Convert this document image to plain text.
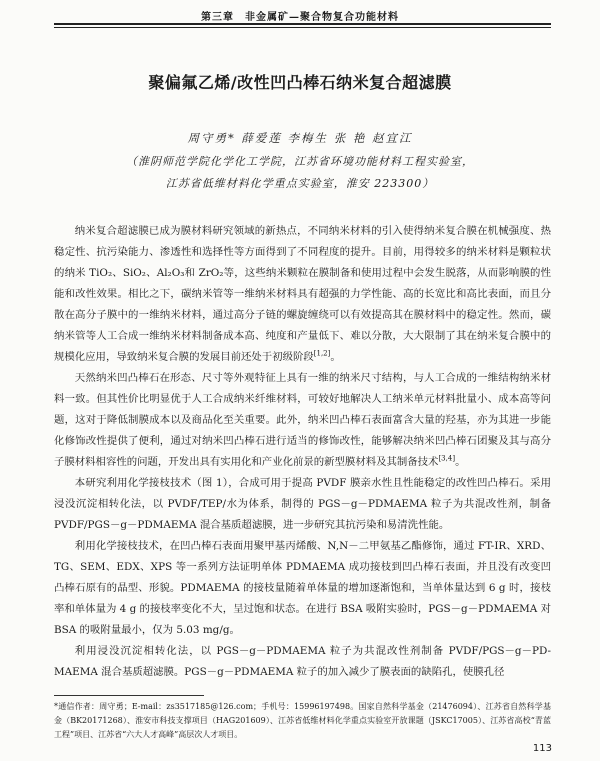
第三章　非金属矿—聚合物复合功能材料
聚偏氟乙烯/改性凹凸棒石纳米复合超滤膜
周守勇* 薛爱莲 李梅生 张 艳 赵宜江
（淮阴师范学院化学化工学院，江苏省环境功能材料工程实验室，
江苏省低维材料化学重点实验室，淮安 223300）

纳米复合超滤膜已成为膜材料研究领域的新热点，不同纳米材料的引入使得纳米复合膜在机械强度、热稳定性、抗污染能力、渗透性和选择性等方面得到了不同程度的提升。目前，用得较多的纳米材料是颗粒状的纳米 TiO₂、SiO₂、Al₂O₃和 ZrO₂等，这些纳米颗粒在膜制备和使用过程中会发生脱落，从而影响膜的性能和改性效果。相比之下，碳纳米管等一维纳米材料具有超强的力学性能、高的长宽比和高比表面，而且分散在高分子膜中的一维纳米材料，通过高分子链的螺旋缠绕可以有效提高其在膜材料中的稳定性。然而，碳纳米管等人工合成一维纳米材料制备成本高、纯度和产量低下、难以分散，大大限制了其在纳米复合膜中的规模化应用，导致纳米复合膜的发展目前还处于初级阶段[1,2]。

天然纳米凹凸棒石在形态、尺寸等外观特征上具有一维的纳米尺寸结构，与人工合成的一维结构纳米材料一致。但其性价比明显优于人工合成纳米纤维材料，可较好地解决人工纳米单元材料批量小、成本高等问题，这对于降低制膜成本以及商品化至关重要。此外，纳米凹凸棒石表面富含大量的羟基，亦为其进一步能化修饰改性提供了便利，通过对纳米凹凸棒石进行适当的修饰改性，能够解决纳米凹凸棒石团聚及其与高分子膜材料相容性的问题，开发出具有实用化和产业化前景的新型膜材料及其制备技术[3,4]。

本研究利用化学接枝技术（图 1），合成可用于提高 PVDF 膜亲水性且性能稳定的改性凹凸棒石。采用浸没沉淀相转化法，以 PVDF/TEP/水为体系，制得的 PGS－g－PDMAEMA 粒子为共混改性剂，制备 PVDF/PGS－g－PDMAEMA 混合基质超滤膜，进一步研究其抗污染和易清洗性能。

利用化学接枝技术，在凹凸棒石表面用聚甲基丙烯酸、N,N－二甲氨基乙酯修饰，通过 FT-IR、XRD、TG、SEM、EDX、XPS 等一系列方法证明单体 PDMAEMA 成功接枝到凹凸棒石表面，并且没有改变凹凸棒石原有的晶型、形貌。PDMAEMA 的接枝量随着单体量的增加逐渐饱和，当单体量达到 6 g 时，接枝率和单体量为 4 g 的接枝率变化不大，呈过饱和状态。在进行 BSA 吸附实验时，PGS－g－PDMAEMA 对 BSA 的吸附量最小，仅为 5.03 mg/g。

利用浸没沉淀相转化法，以 PGS－g－PDMAEMA 粒子为共混改性剂制备 PVDF/PGS－g－PD-MAEMA 混合基质超滤膜。PGS－g－PDMAEMA 粒子的加入减少了膜表面的缺陷孔，使膜孔径

*通信作者：周守勇；E-mail：zs3517185@126.com；手机号：15996197498。国家自然科学基金（21476094）、江苏省自然科学基金（BK20171268）、淮安市科技支撑项目（HAG201609）、江苏省低维材料化学重点实验室开放课题（JSKC17005）、江苏省高校“青蓝工程”项目、江苏省“六大人才高峰”高层次人才项目。
113
